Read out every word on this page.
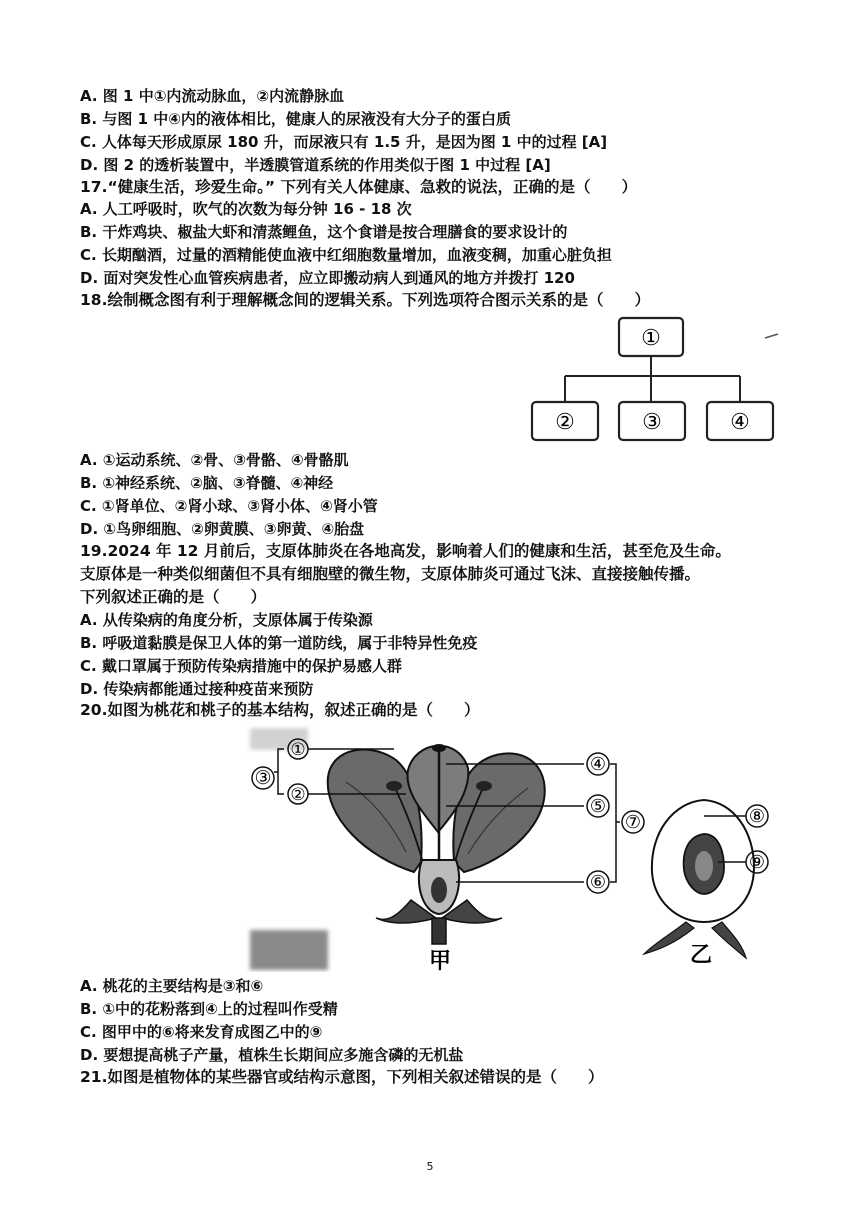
A. 图 1 中①内流动脉血，②内流静脉血
B. 与图 1 中④内的液体相比，健康人的尿液没有大分子的蛋白质
C. 人体每天形成原尿 180 升，而尿液只有 1.5 升，是因为图 1 中的过程 [A]
D. 图 2 的透析装置中，半透膜管道系统的作用类似于图 1 中过程 [A]
17.“健康生活，珍爱生命。” 下列有关人体健康、急救的说法，正确的是（　　）
A. 人工呼吸时，吹气的次数为每分钟 16 - 18 次
B. 干炸鸡块、椒盐大虾和清蒸鲤鱼，这个食谱是按合理膳食的要求设计的
C. 长期酗酒，过量的酒精能使血液中红细胞数量增加，血液变稠，加重心脏负担
D. 面对突发性心血管疾病患者，应立即搬动病人到通风的地方并拨打 120
18.绘制概念图有利于理解概念间的逻辑关系。下列选项符合图示关系的是（　　）
①
②	③	④
A. ①运动系统、②骨、③骨骼、④骨骼肌
B. ①神经系统、②脑、③脊髓、④神经
C. ①肾单位、②肾小球、③肾小体、④肾小管
D. ①鸟卵细胞、②卵黄膜、③卵黄、④胎盘
19.2024 年 12 月前后，支原体肺炎在各地高发，影响着人们的健康和生活，甚至危及生命。
支原体是一种类似细菌但不具有细胞壁的微生物，支原体肺炎可通过飞沫、直接接触传播。
下列叙述正确的是（　　）
A. 从传染病的角度分析，支原体属于传染源
B. 呼吸道黏膜是保卫人体的第一道防线，属于非特异性免疫
C. 戴口罩属于预防传染病措施中的保护易感人群
D. 传染病都能通过接种疫苗来预防
20.如图为桃花和桃子的基本结构，叙述正确的是（　　）
①
②
③
④
⑤
⑥
⑦	⑧
⑨
甲	乙
A. 桃花的主要结构是③和⑥
B. ①中的花粉落到④上的过程叫作受精
C. 图甲中的⑥将来发育成图乙中的⑨
D. 要想提高桃子产量，植株生长期间应多施含磷的无机盐
21.如图是植物体的某些器官或结构示意图，下列相关叙述错误的是（　　）
5
